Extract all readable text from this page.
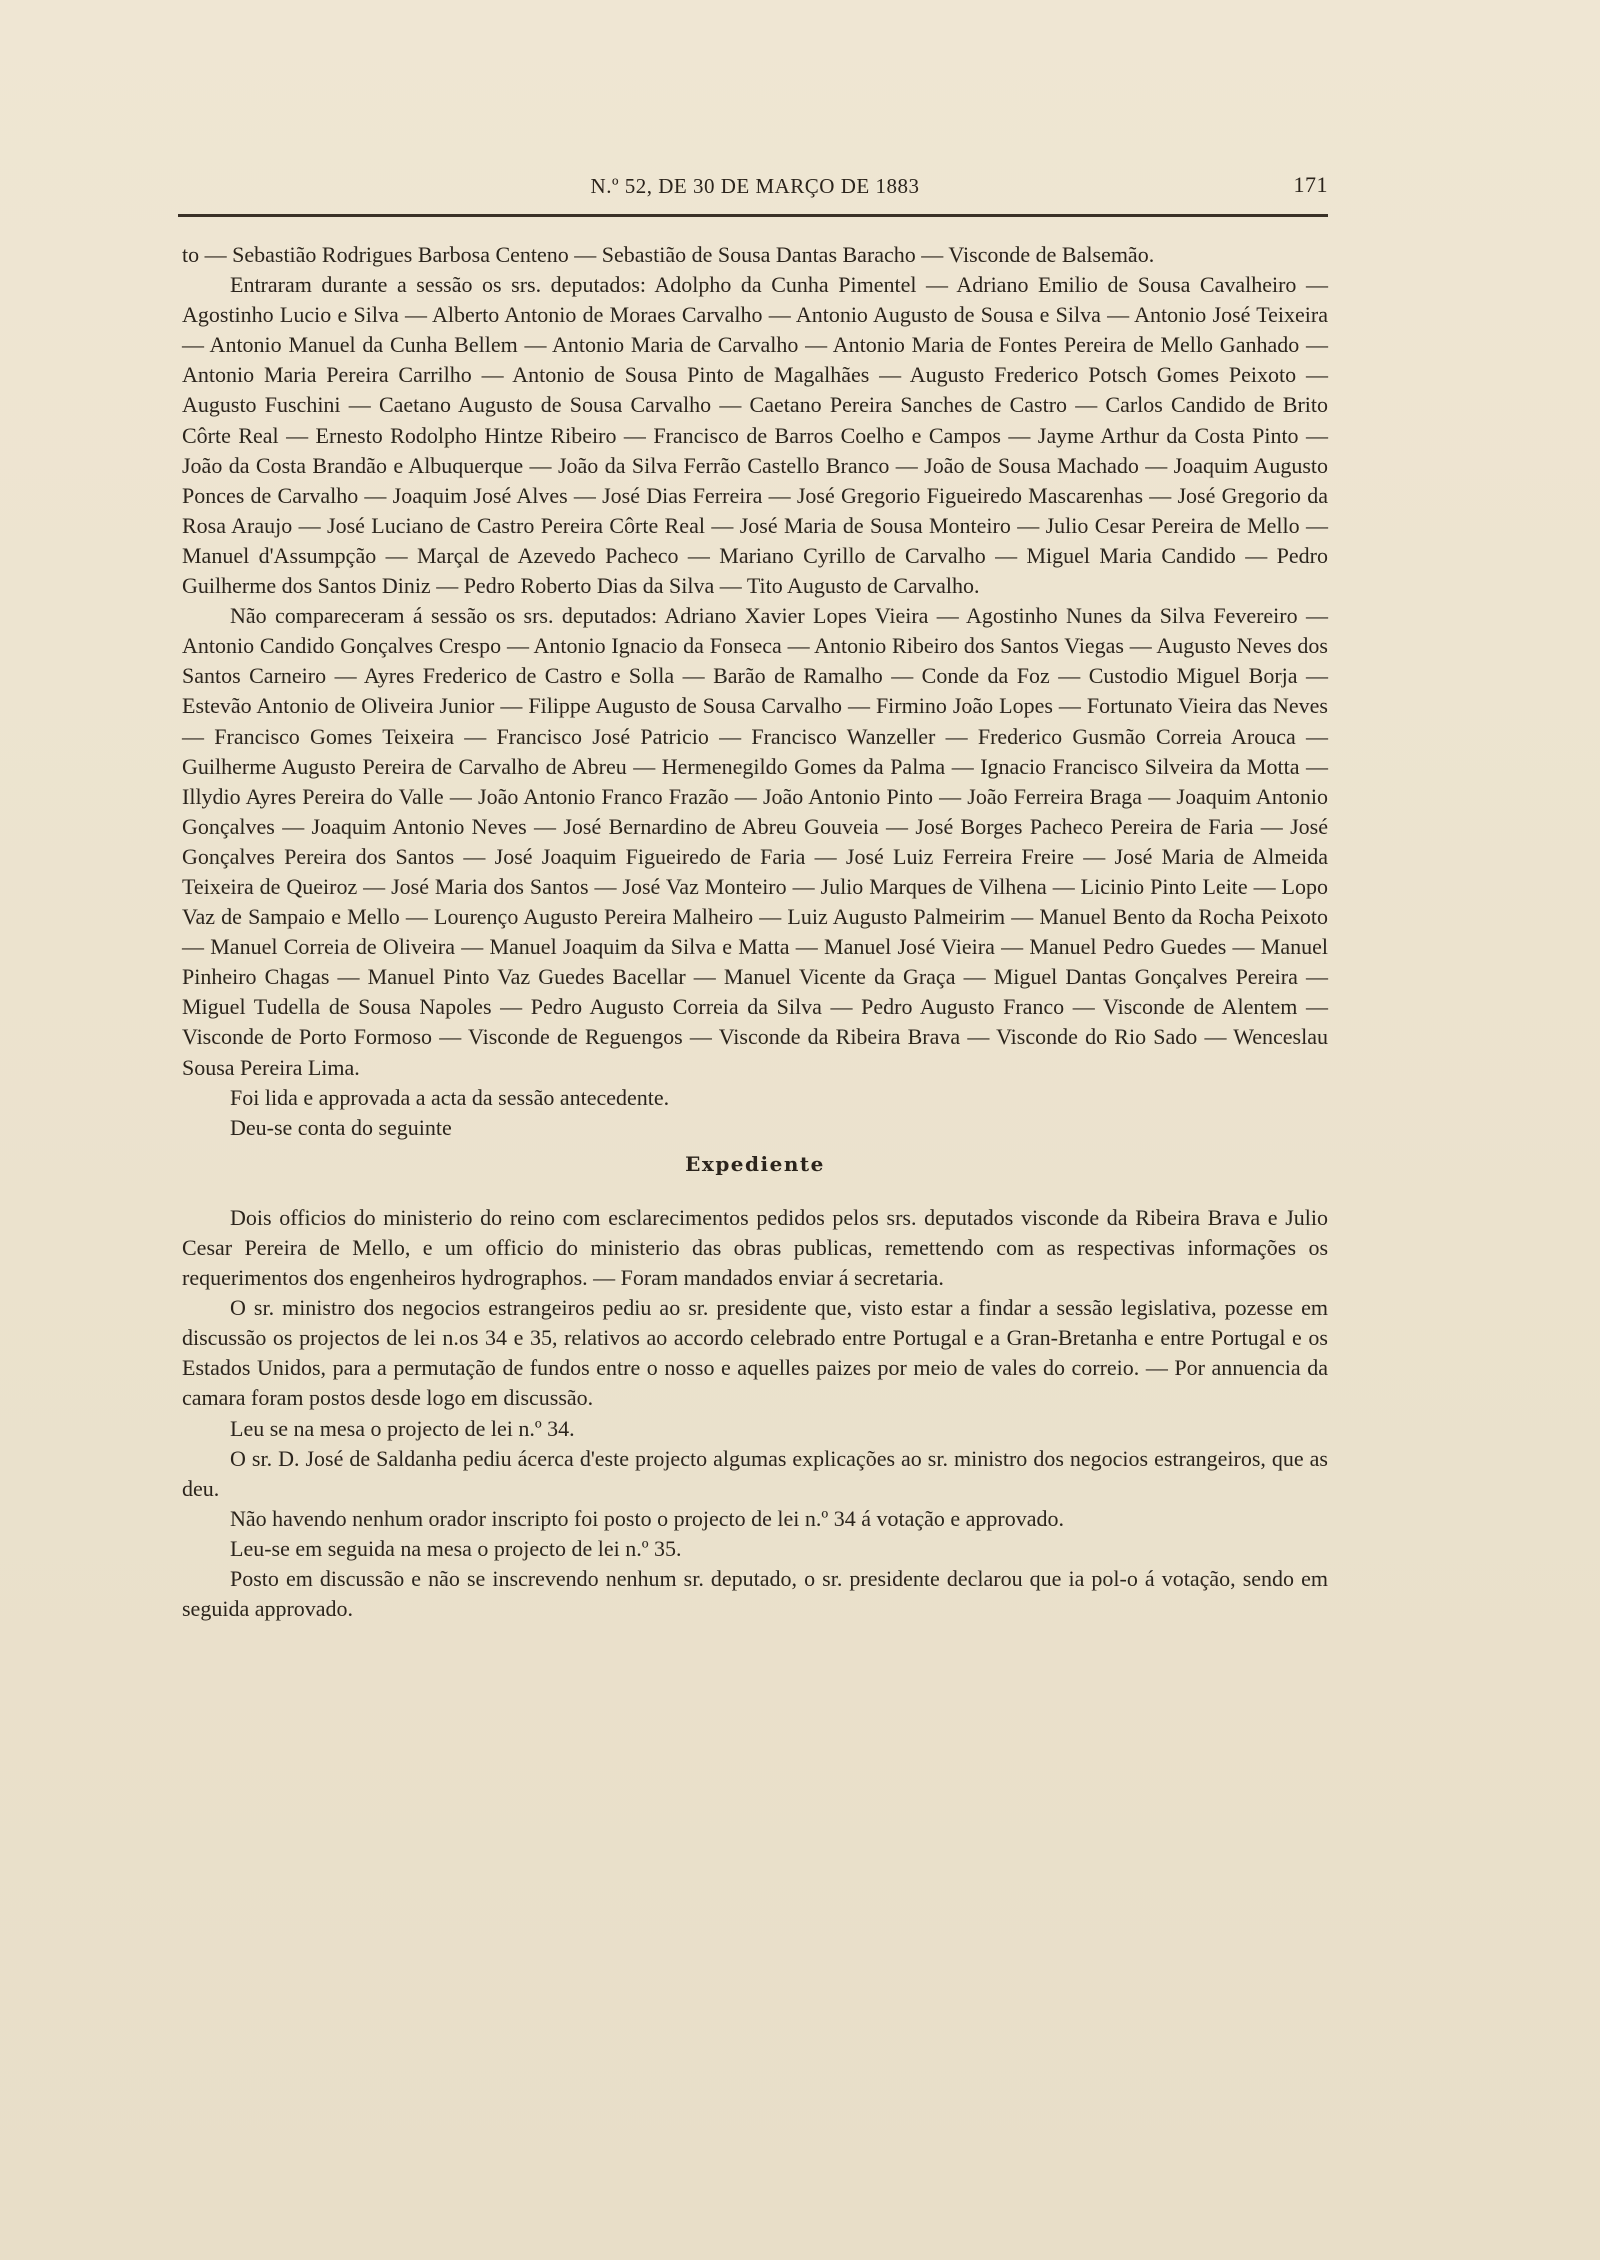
N.º 52, DE 30 DE MARÇO DE 1883	171

to — Sebastião Rodrigues Barbosa Centeno — Sebastião de Sousa Dantas Baracho — Visconde de Balsemão.

Entraram durante a sessão os srs. deputados: Adolpho da Cunha Pimentel — Adriano Emilio de Sousa Cavalheiro — Agostinho Lucio e Silva — Alberto Antonio de Moraes Carvalho — Antonio Augusto de Sousa e Silva — Antonio José Teixeira — Antonio Manuel da Cunha Bellem — Antonio Maria de Carvalho — Antonio Maria de Fontes Pereira de Mello Ganhado — Antonio Maria Pereira Carrilho — Antonio de Sousa Pinto de Magalhães — Augusto Frederico Potsch Gomes Peixoto — Augusto Fuschini — Caetano Augusto de Sousa Carvalho — Caetano Pereira Sanches de Castro — Carlos Candido de Brito Côrte Real — Ernesto Rodolpho Hintze Ribeiro — Francisco de Barros Coelho e Campos — Jayme Arthur da Costa Pinto — João da Costa Brandão e Albuquerque — João da Silva Ferrão Castello Branco — João de Sousa Machado — Joaquim Augusto Ponces de Carvalho — Joaquim José Alves — José Dias Ferreira — José Gregorio Figueiredo Mascarenhas — José Gregorio da Rosa Araujo — José Luciano de Castro Pereira Côrte Real — José Maria de Sousa Monteiro — Julio Cesar Pereira de Mello — Manuel d'Assumpção — Marçal de Azevedo Pacheco — Mariano Cyrillo de Carvalho — Miguel Maria Candido — Pedro Guilherme dos Santos Diniz — Pedro Roberto Dias da Silva — Tito Augusto de Carvalho.

Não compareceram á sessão os srs. deputados: Adriano Xavier Lopes Vieira — Agostinho Nunes da Silva Fevereiro — Antonio Candido Gonçalves Crespo — Antonio Ignacio da Fonseca — Antonio Ribeiro dos Santos Viegas — Augusto Neves dos Santos Carneiro — Ayres Frederico de Castro e Solla — Barão de Ramalho — Conde da Foz — Custodio Miguel Borja — Estevão Antonio de Oliveira Junior — Filippe Augusto de Sousa Carvalho — Firmino João Lopes — Fortunato Vieira das Neves — Francisco Gomes Teixeira — Francisco José Patricio — Francisco Wanzeller — Frederico Gusmão Correia Arouca — Guilherme Augusto Pereira de Carvalho de Abreu — Hermenegildo Gomes da Palma — Ignacio Francisco Silveira da Motta — Illydio Ayres Pereira do Valle — João Antonio Franco Frazão — João Antonio Pinto — João Ferreira Braga — Joaquim Antonio Gonçalves — Joaquim Antonio Neves — José Bernardino de Abreu Gouveia — José Borges Pacheco Pereira de Faria — José Gonçalves Pereira dos Santos — José Joaquim Figueiredo de Faria — José Luiz Ferreira Freire — José Maria de Almeida Teixeira de Queiroz — José Maria dos Santos — José Vaz Monteiro — Julio Marques de Vilhena — Licinio Pinto Leite — Lopo Vaz de Sampaio e Mello — Lourenço Augusto Pereira Malheiro — Luiz Augusto Palmeirim — Manuel Bento da Rocha Peixoto — Manuel Correia de Oliveira — Manuel Joaquim da Silva e Matta — Manuel José Vieira — Manuel Pedro Guedes — Manuel Pinheiro Chagas — Manuel Pinto Vaz Guedes Bacellar — Manuel Vicente da Graça — Miguel Dantas Gonçalves Pereira — Miguel Tudella de Sousa Napoles — Pedro Augusto Correia da Silva — Pedro Augusto Franco — Visconde de Alentem — Visconde de Porto Formoso — Visconde de Reguengos — Visconde da Ribeira Brava — Visconde do Rio Sado — Wenceslau Sousa Pereira Lima.

Foi lida e approvada a acta da sessão antecedente.

Deu-se conta do seguinte

Expediente

Dois officios do ministerio do reino com esclarecimentos pedidos pelos srs. deputados visconde da Ribeira Brava e Julio Cesar Pereira de Mello, e um officio do ministerio das obras publicas, remettendo com as respectivas informações os requerimentos dos engenheiros hydrographos. — Foram mandados enviar á secretaria.

O sr. ministro dos negocios estrangeiros pediu ao sr. presidente que, visto estar a findar a sessão legislativa, pozesse em discussão os projectos de lei n.os 34 e 35, relativos ao accordo celebrado entre Portugal e a Gran-Bretanha e entre Portugal e os Estados Unidos, para a permutação de fundos entre o nosso e aquelles paizes por meio de vales do correio. — Por annuencia da camara foram postos desde logo em discussão.

Leu se na mesa o projecto de lei n.º 34.

O sr. D. José de Saldanha pediu ácerca d'este projecto algumas explicações ao sr. ministro dos negocios estrangeiros, que as deu.

Não havendo nenhum orador inscripto foi posto o projecto de lei n.º 34 á votação e approvado.

Leu-se em seguida na mesa o projecto de lei n.º 35.

Posto em discussão e não se inscrevendo nenhum sr. deputado, o sr. presidente declarou que ia pol-o á votação, sendo em seguida approvado.
